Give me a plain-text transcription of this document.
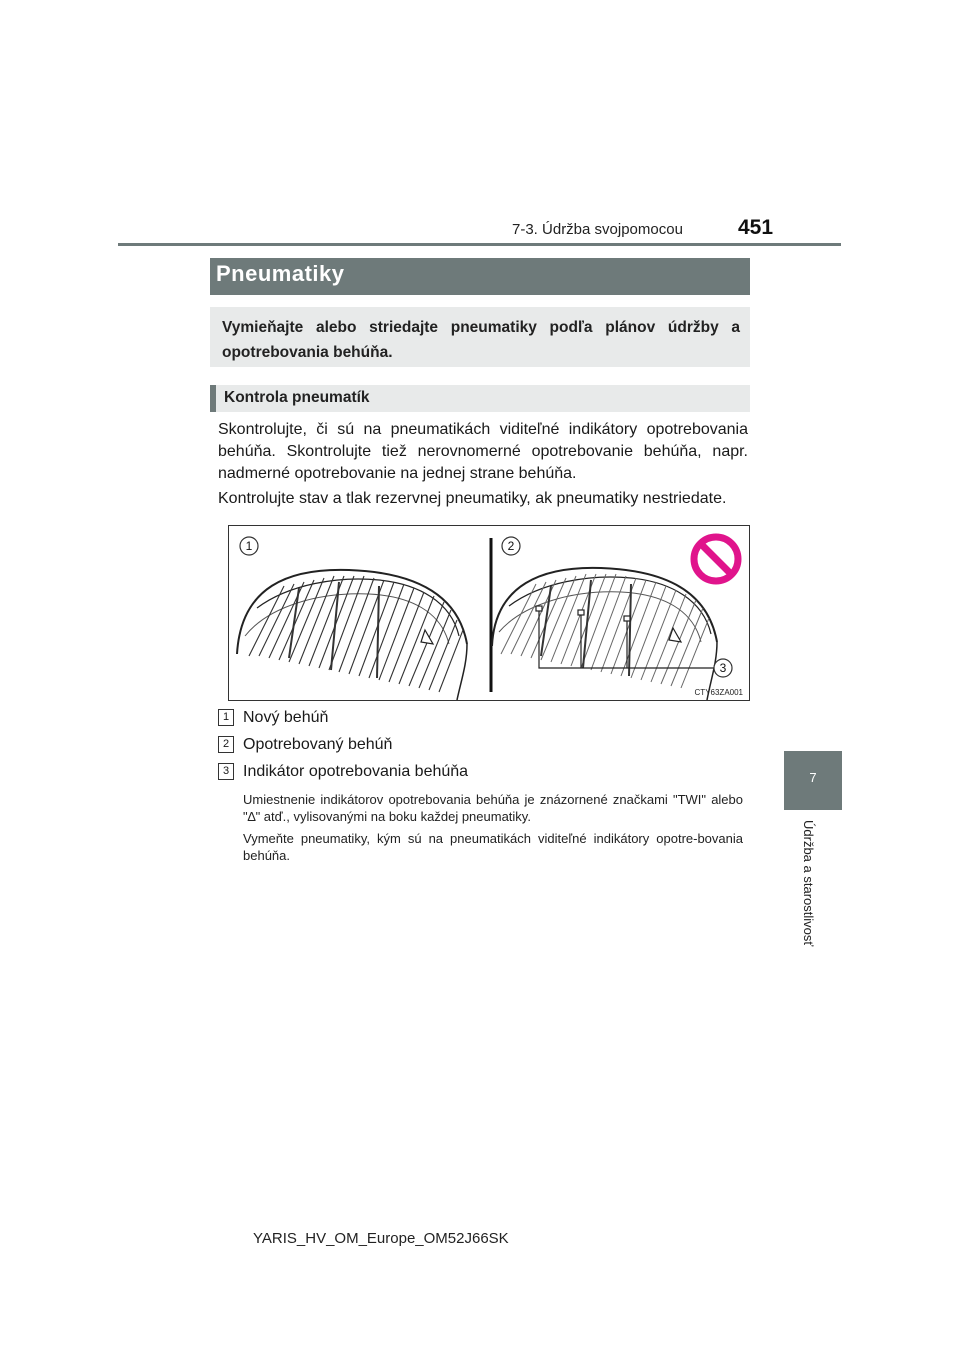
7-3. Údržba svojpomocou	451
7
Údržba a starostlivosť
Pneumatiky
Vymieňajte alebo striedajte pneumatiky podľa plánov údržby a opotrebovania behúňa.
Kontrola pneumatík
Skontrolujte, či sú na pneumatikách viditeľné indikátory opotrebovania behúňa. Skontrolujte tiež nerovnomerné opotrebovanie behúňa, napr. nadmerné opotrebovanie na jednej strane behúňa.
Kontrolujte stav a tlak rezervnej pneumatiky, ak pneumatiky nestriedate.
1	2
3
CTY63ZA001
1 Nový behúň
2 Opotrebovaný behúň
3 Indikátor opotrebovania behúňa
Umiestnenie indikátorov opotrebovania behúňa je znázornené značkami "TWI" alebo "∆" atď., vylisovanými na boku každej pneumatiky.
Vymeňte pneumatiky, kým sú na pneumatikách viditeľné indikátory opotre-bovania behúňa.
YARIS_HV_OM_Europe_OM52J66SK
